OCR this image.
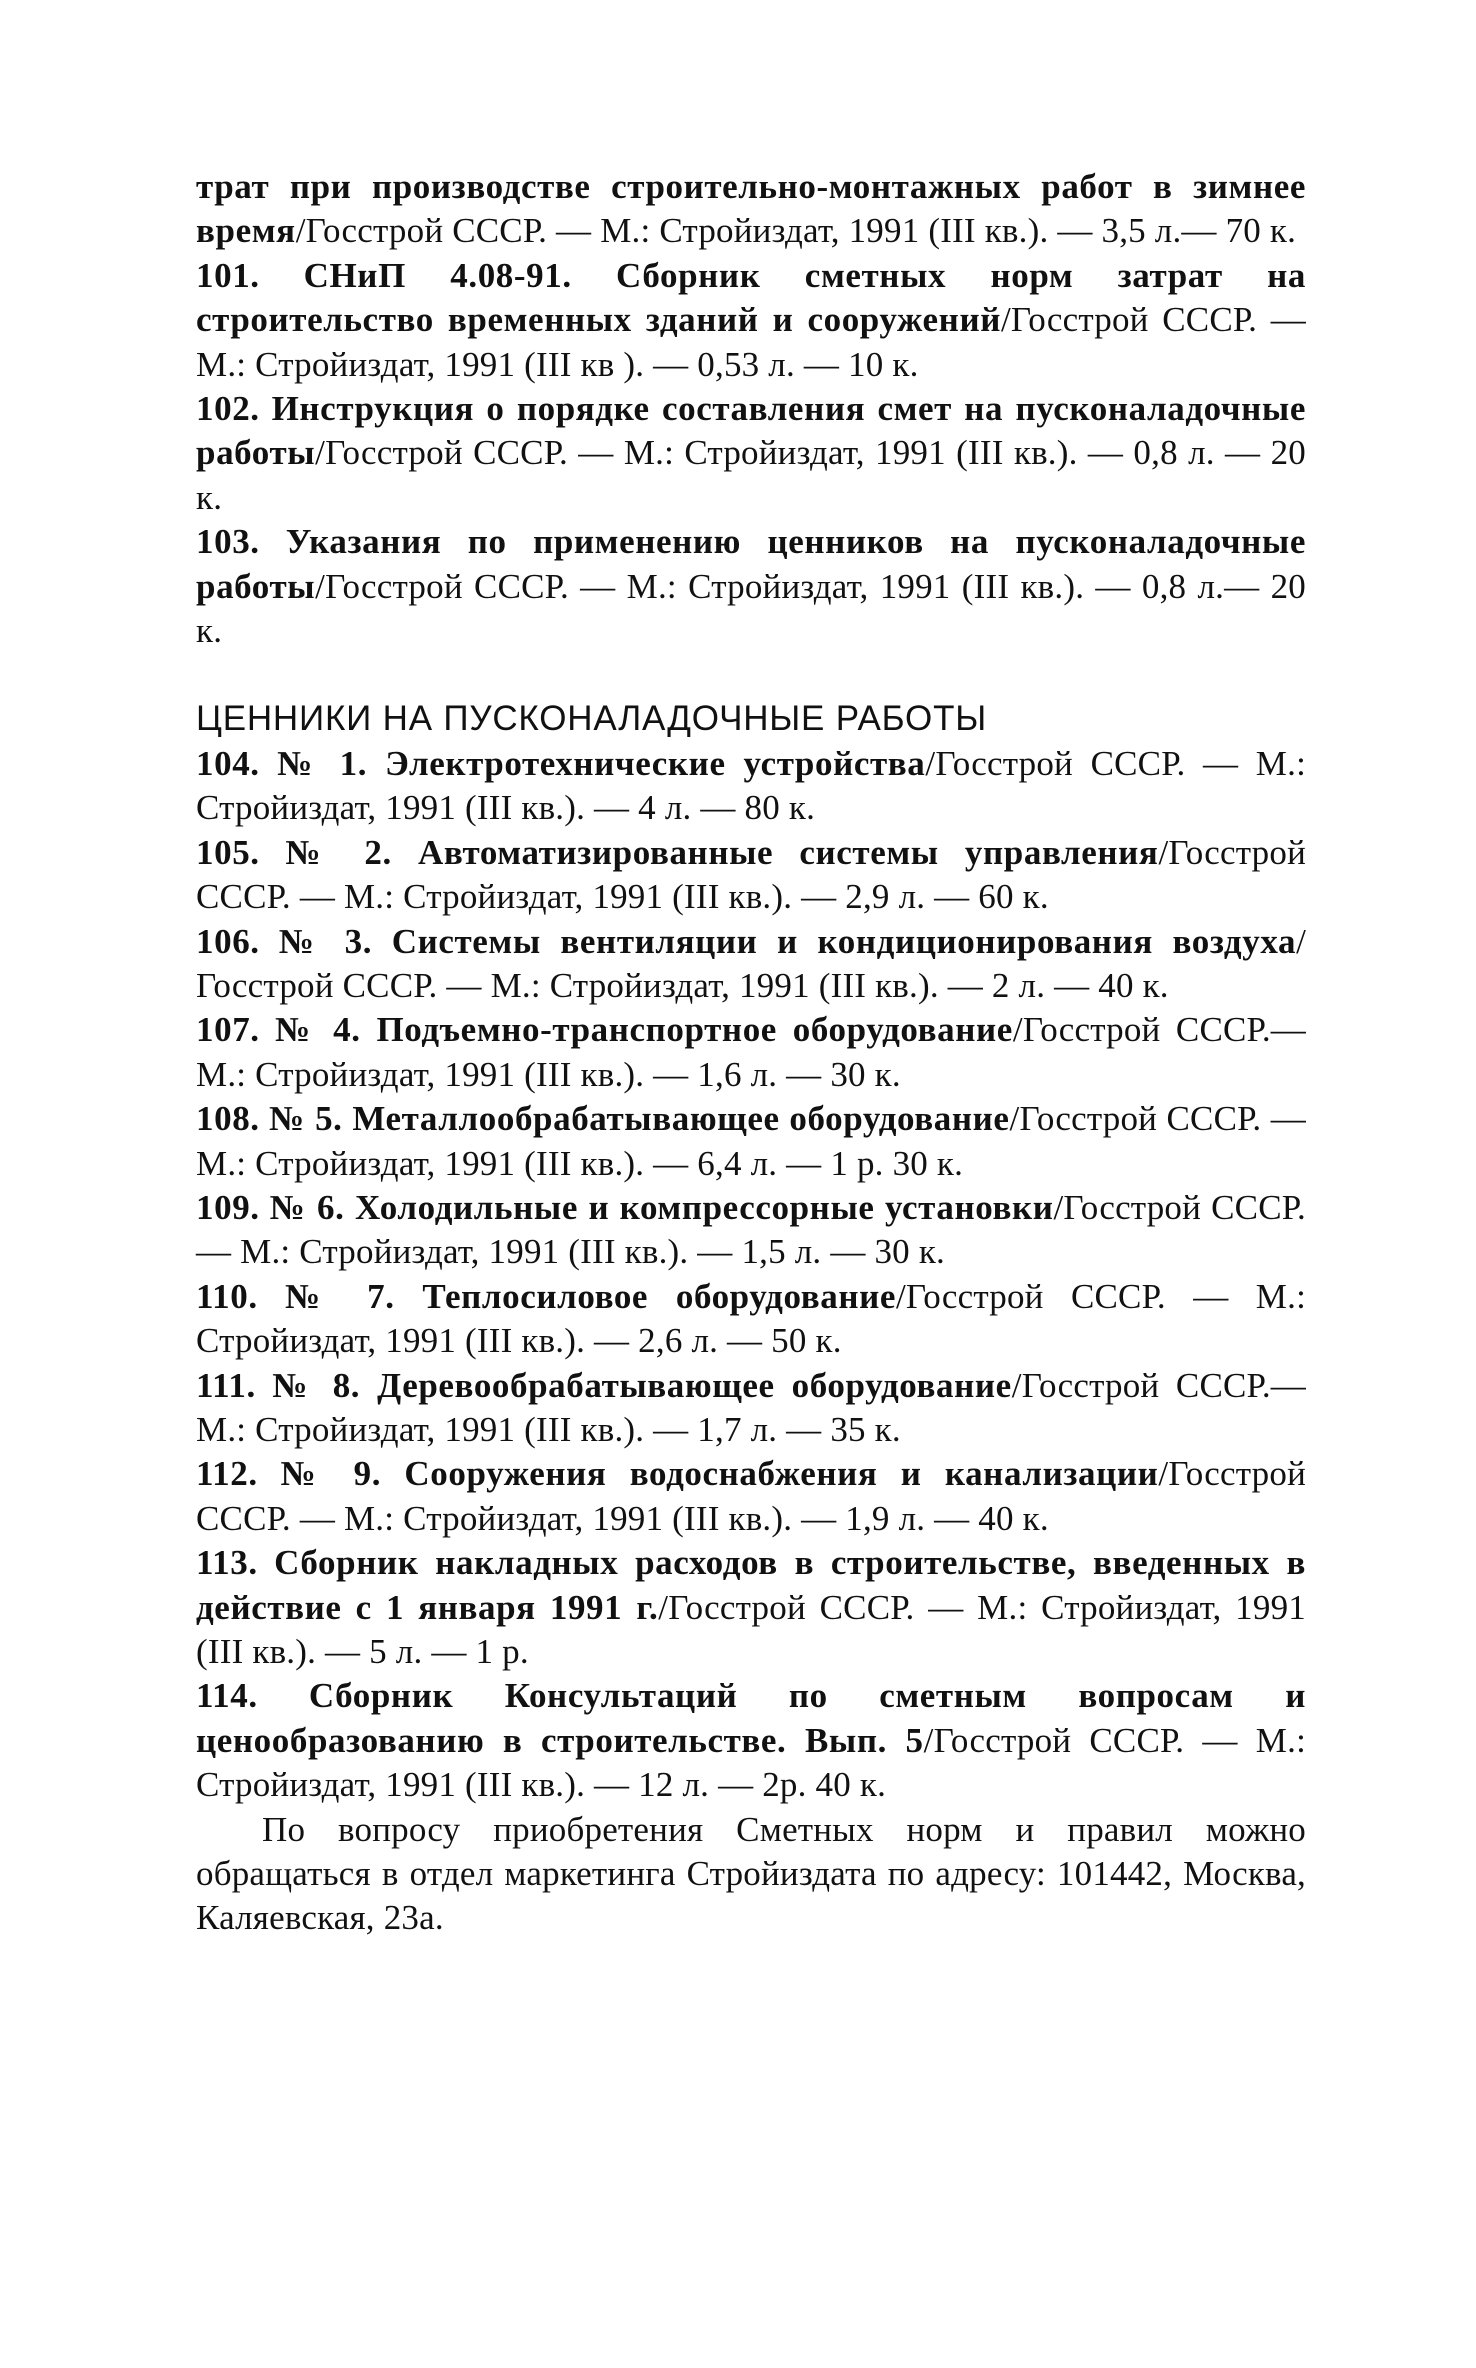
трат при производстве строительно-монтажных работ в зимнее время/Госстрой СССР. — М.: Стройиздат, 1991 (III кв.). — 3,5 л.— 70 к.

101. СНиП 4.08-91. Сборник сметных норм затрат на строительство временных зданий и сооружений/Госстрой СССР. — М.: Стройиздат, 1991 (III кв ). — 0,53 л. — 10 к.

102. Инструкция о порядке составления смет на пусконаладочные работы/Госстрой СССР. — М.: Стройиздат, 1991 (III кв.). — 0,8 л. — 20 к.

103. Указания по применению ценников на пусконаладочные работы/Госстрой СССР. — М.: Стройиздат, 1991 (III кв.). — 0,8 л.— 20 к.

ЦЕННИКИ НА ПУСКОНАЛАДОЧНЫЕ РАБОТЫ

104. № 1. Электротехнические устройства/Госстрой СССР. — М.: Стройиздат, 1991 (III кв.). — 4 л. — 80 к.

105. № 2. Автоматизированные системы управления/Госстрой СССР. — М.: Стройиздат, 1991 (III кв.). — 2,9 л. — 60 к.

106. № 3. Системы вентиляции и кондиционирования воздуха/ Госстрой СССР. — М.: Стройиздат, 1991 (III кв.). — 2 л. — 40 к.

107. № 4. Подъемно-транспортное оборудование/Госстрой СССР.— М.: Стройиздат, 1991 (III кв.). — 1,6 л. — 30 к.

108. № 5. Металлообрабатывающее оборудование/Госстрой СССР. — М.: Стройиздат, 1991 (III кв.). — 6,4 л. — 1 р. 30 к.

109. № 6. Холодильные и компрессорные установки/Госстрой СССР. — М.: Стройиздат, 1991 (III кв.). — 1,5 л. — 30 к.

110. № 7. Теплосиловое оборудование/Госстрой СССР. — М.: Стройиздат, 1991 (III кв.). — 2,6 л. — 50 к.

111. № 8. Деревообрабатывающее оборудование/Госстрой СССР.— М.: Стройиздат, 1991 (III кв.). — 1,7 л. — 35 к.

112. № 9. Сооружения водоснабжения и канализации/Госстрой СССР. — М.: Стройиздат, 1991 (III кв.). — 1,9 л. — 40 к.

113. Сборник накладных расходов в строительстве, введенных в действие с 1 января 1991 г./Госстрой СССР. — М.: Стройиздат, 1991 (III кв.). — 5 л. — 1 р.

114. Сборник Консультаций по сметным вопросам и ценообразованию в строительстве. Вып. 5/Госстрой СССР. — М.: Стройиздат, 1991 (III кв.). — 12 л. — 2р. 40 к.

По вопросу приобретения Сметных норм и правил можно обращаться в отдел маркетинга Стройиздата по адресу: 101442, Москва, Каляевская, 23а.
